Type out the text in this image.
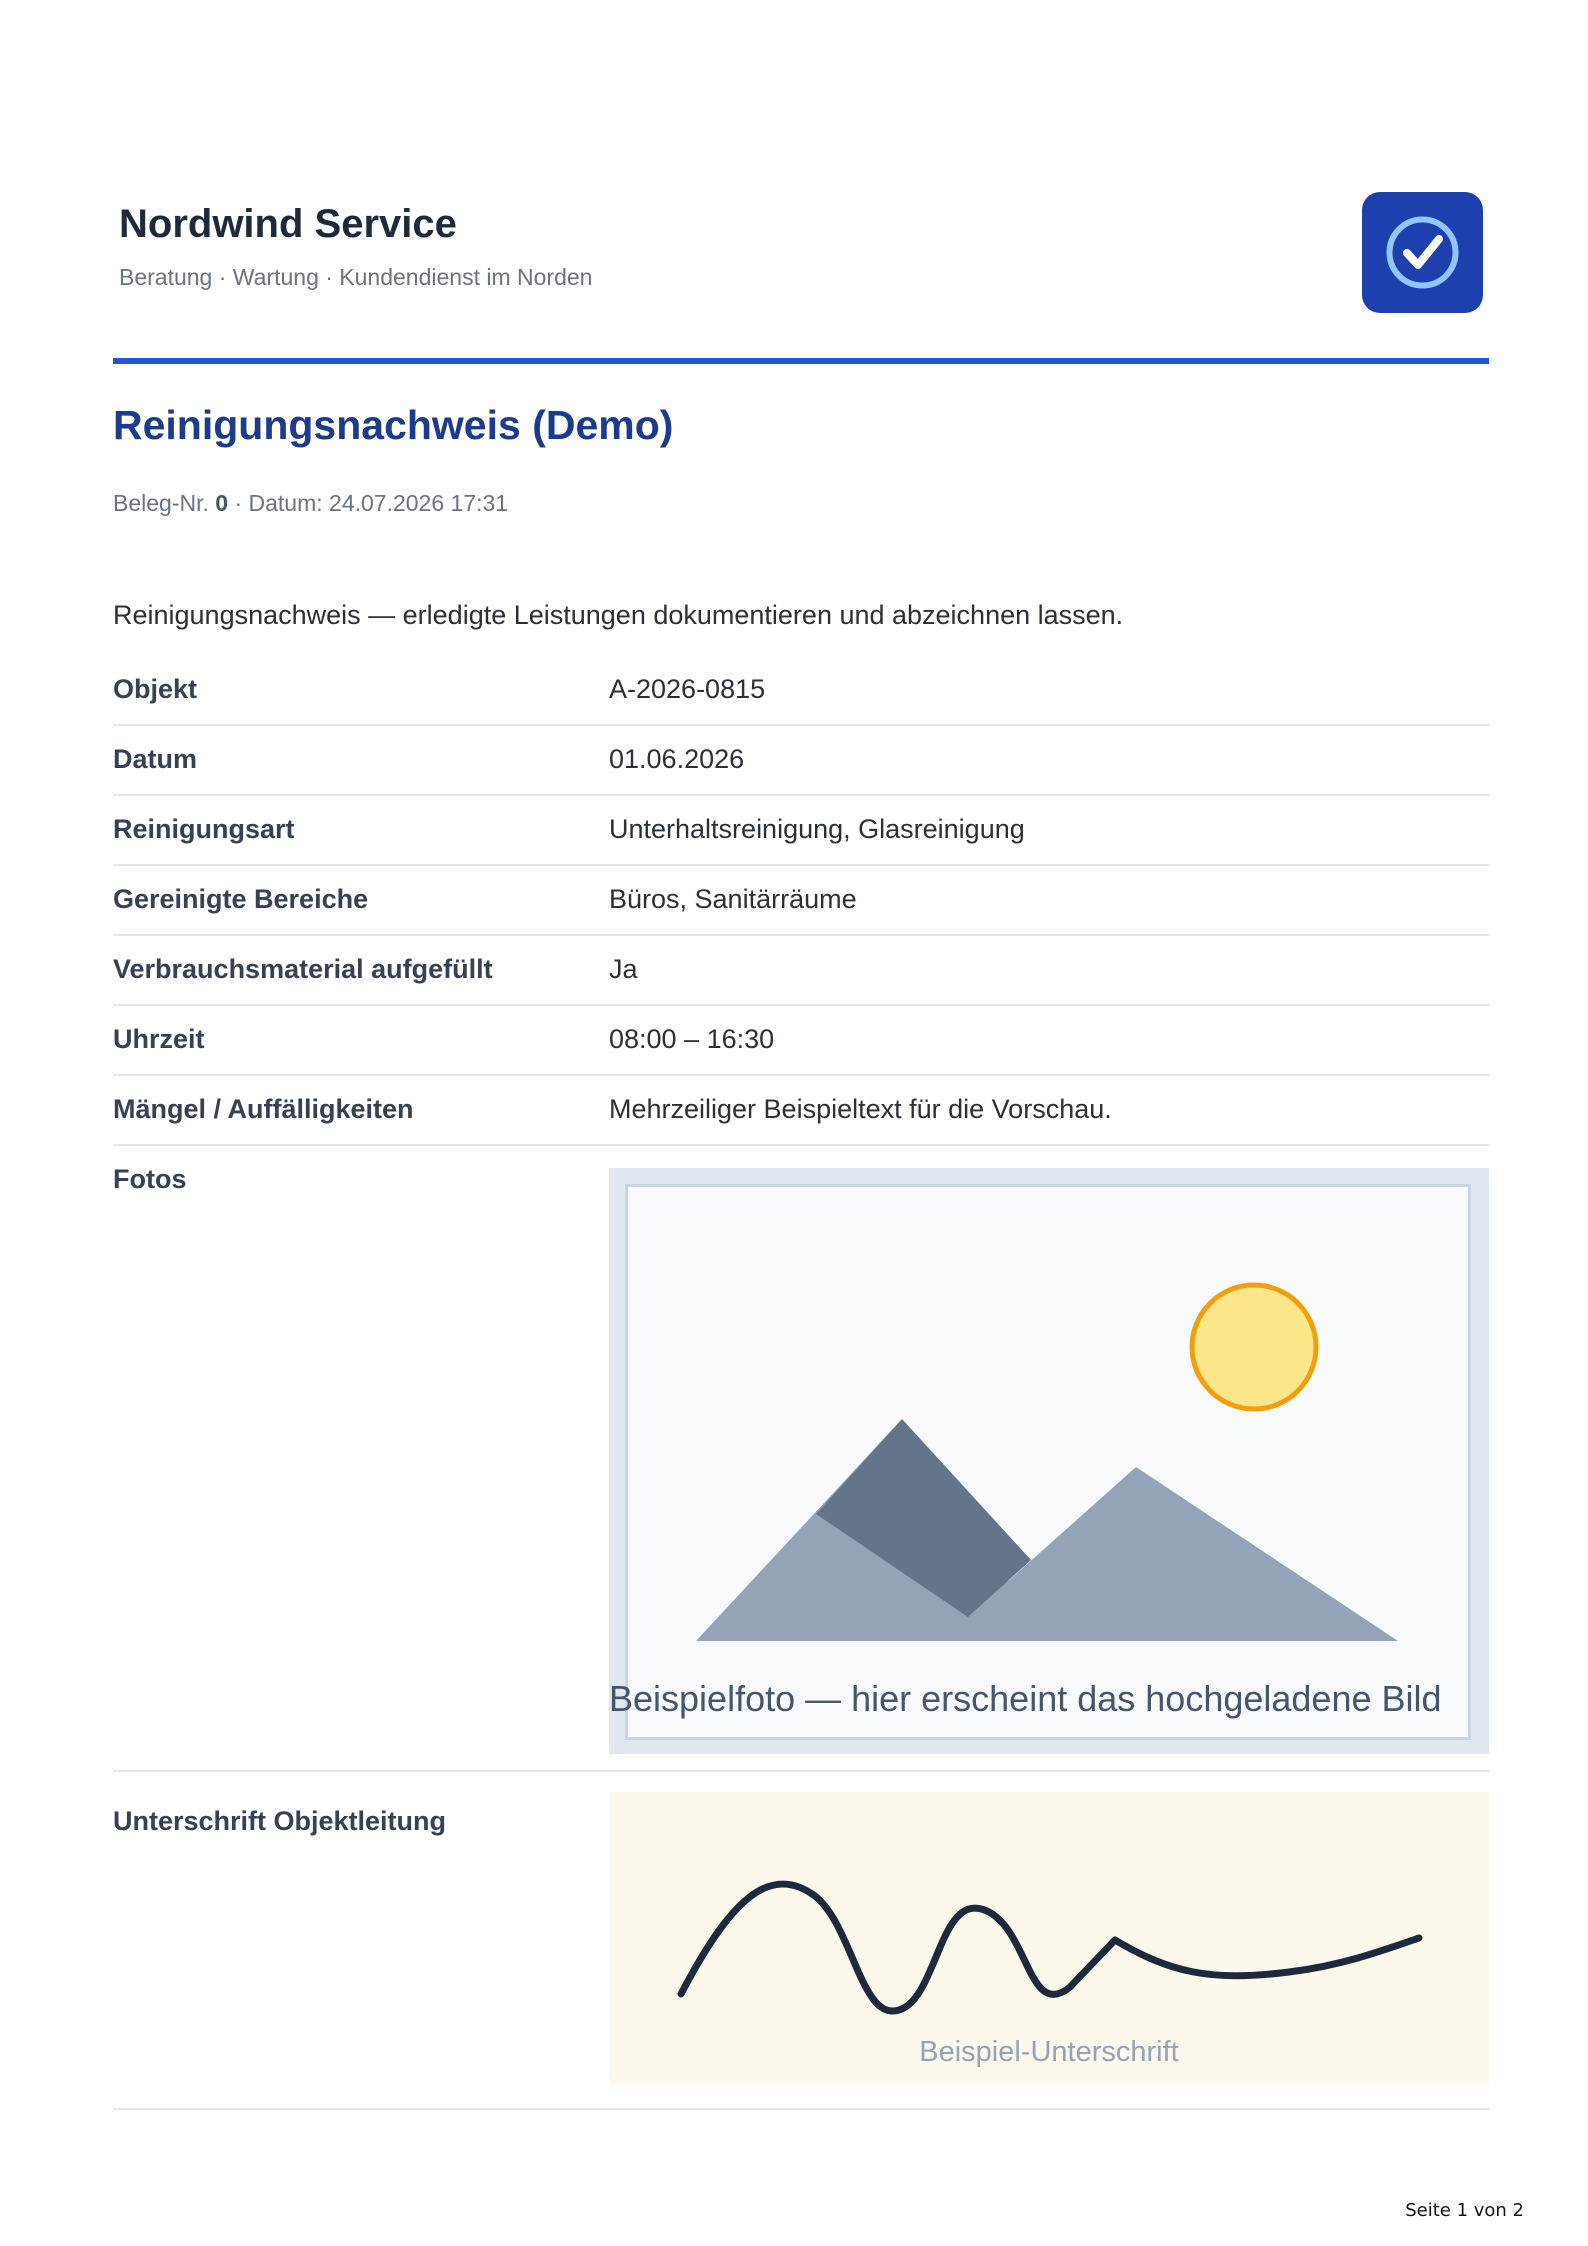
Nordwind Service
Beratung · Wartung · Kundendienst im Norden
Reinigungsnachweis (Demo)
Beleg-Nr. 0 · Datum: 24.07.2026 17:31
Reinigungsnachweis — erledigte Leistungen dokumentieren und abzeichnen lassen.
Objekt	A-2026-0815
Datum	01.06.2026
Reinigungsart	Unterhaltsreinigung, Glasreinigung
Gereinigte Bereiche	Büros, Sanitärräume
Verbrauchsmaterial aufgefüllt	Ja
Uhrzeit	08:00 – 16:30
Mängel / Auffälligkeiten	Mehrzeiliger Beispieltext für die Vorschau.
Fotos
Beispielfoto — hier erscheint das hochgeladene Bild
Unterschrift Objektleitung
Beispiel-Unterschrift
Seite 1 von 2
